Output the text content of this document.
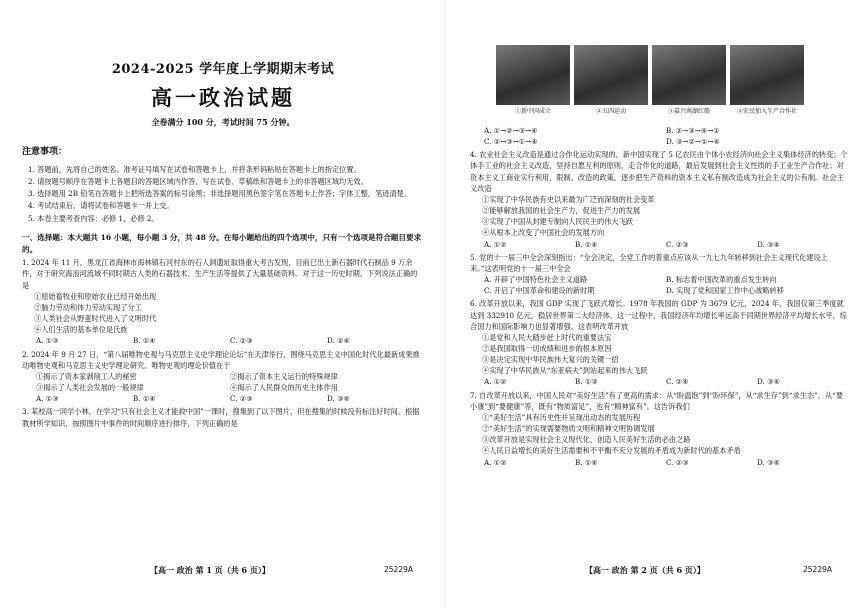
2024-2025 学年度上学期期末考试
高一政治试题
全卷满分 100 分，考试时间 75 分钟。
注意事项：
1. 答题前，先将自己的姓名、准考证号填写在试卷和答题卡上，并将条形码粘贴在答题卡上的指定位置。
2. 请按题号顺序在答题卡上各题目的答题区域内作答，写在试卷、草稿纸和答题卡上的非答题区域均无效。
3. 选择题用 2B 铅笔在答题卡上把所选答案的标号涂黑；非选择题用黑色签字笔在答题卡上作答；字体工整，笔迹清楚。
4. 考试结束后，请将试卷和答题卡一并上交。
5. 本卷主要考查内容：必修 1，必修 2。
一、选择题：本大题共 16 小题，每小题 3 分，共 48 分。在每小题给出的四个选项中，只有一个选项是符合题目要求的。
1. 2024 年 11 月，黑龙江省海林市海林镇石河村东的石人洞遗址取得重大考古发现，目前已出土新石器时代石制品 9 万余件，对于研究海浪河流域不同时期古人类的石器技术、生产生活等提供了大量基础资料。对于这一历史时期，下列说法正确的是
①原始畜牧业和原始农业已经开始出现
②脑力劳动和体力劳动实现了分工
③人类社会从野蛮时代进入了文明时代
④人们生活的基本单位是氏族
A. ①③	B. ①④	C. ②③	D. ②④
2. 2024 年 9 月 27 日，“第八届唯物史观与马克思主义史学理论论坛”在天津举行，围绕马克思主义中国化时代化最新成果推动唯物史观和马克思主义史学理论研究。唯物史观的理论价值在于
①揭示了资本家剥削工人的秘密	②揭示了资本主义运行的特殊规律
③揭示了人类社会发展的一般规律	④揭示了人民群众的历史主体作用
A. ①③	B. ①④	C. ②③	D. ③④
3. 某校高一同学小林，在学习“只有社会主义才能救中国”一课时，搜集到了以下图片，但在搜集的时候没有标注好时间。根据教材所学知识，按照图片中事件的时间顺序进行排序，下列正确的是
【高一 政治 第 1 页（共 6 页）】	25229A
①新中国成立	②五四运动	③嘉兴南湖红船	④农民加入生产合作社
A. ①→②→③→④	B. ②→③→④→①
C. ②→③→①→④	D. ③→②→①→④
4. 农业社会主义改造是通过合作化运动实现的，新中国实现了 5 亿农民由个体小农经济向社会主义集体经济的转变；个体手工业的社会主义改造，坚持自愿互利的原则，走合作化的道路，最后发展到社会主义性质的手工业生产合作社；对资本主义工商业实行利用、限制、改造的政策，逐步把生产资料的资本主义私有制改造成为社会主义的公有制。社会主义改造
①实现了中华民族有史以来最为广泛而深刻的社会变革
②能够解放我国的社会生产力，促进生产力的发展
③实现了中国从封建专制向人民民主的伟大飞跃
④从根本上改变了中国社会的发展方向
A. ①②	B. ①④	C. ②③	D. ③④
5. 党的十一届三中全会深刻指出：“全会决定，全党工作的着重点应该从一九七九年转移到社会主义现代化建设上来。”这表明党的十一届三中全会
A. 开辟了中国特色社会主义道路	B. 标志着中国改革的重点发生转向
C. 开启了中国革命和建设的新时期	D. 实现了党和国家工作中心战略转移
6. 改革开放以来，我国 GDP 实现了飞跃式增长。1978 年我国的 GDP 为 3679 亿元，2024 年，我国仅第三季度就达到 332910 亿元，稳居世界第二大经济体。这一过程中，我国经济年均增长率远高于同期世界经济平均增长水平，综合国力和国际影响力也显著增强。这表明改革开放
①是党和人民大踏步赶上时代的重要法宝
②是我国取得一切成绩和进步的根本原因
③是决定实现中华民族伟大复兴的关键一招
④实现了中华民族从“东亚病夫”到站起来的伟大飞跃
A. ①②	B. ①③	C. ②④	D. ③④
7. 自改革开放以来，中国人民对“美好生活”有了更高的需求：从“盼温饱”到“盼环保”，从“求生存”到“求生态”，从“要小康”到“要健康”等，既有“物质富足”，也有“精神富有”。这告诉我们
①“美好生活”具有历史性并呈现出动态的发展历程
②“美好生活”的实现需要物质文明和精神文明协调发展
③改革开放是实现社会主义现代化，创造人民美好生活的必由之路
④人民日益增长的美好生活需要和不平衡不充分发展的矛盾成为新时代的基本矛盾
A. ①②	B. ①④	C. ②③	D. ③④
【高一 政治 第 2 页（共 6 页）】	25229A
